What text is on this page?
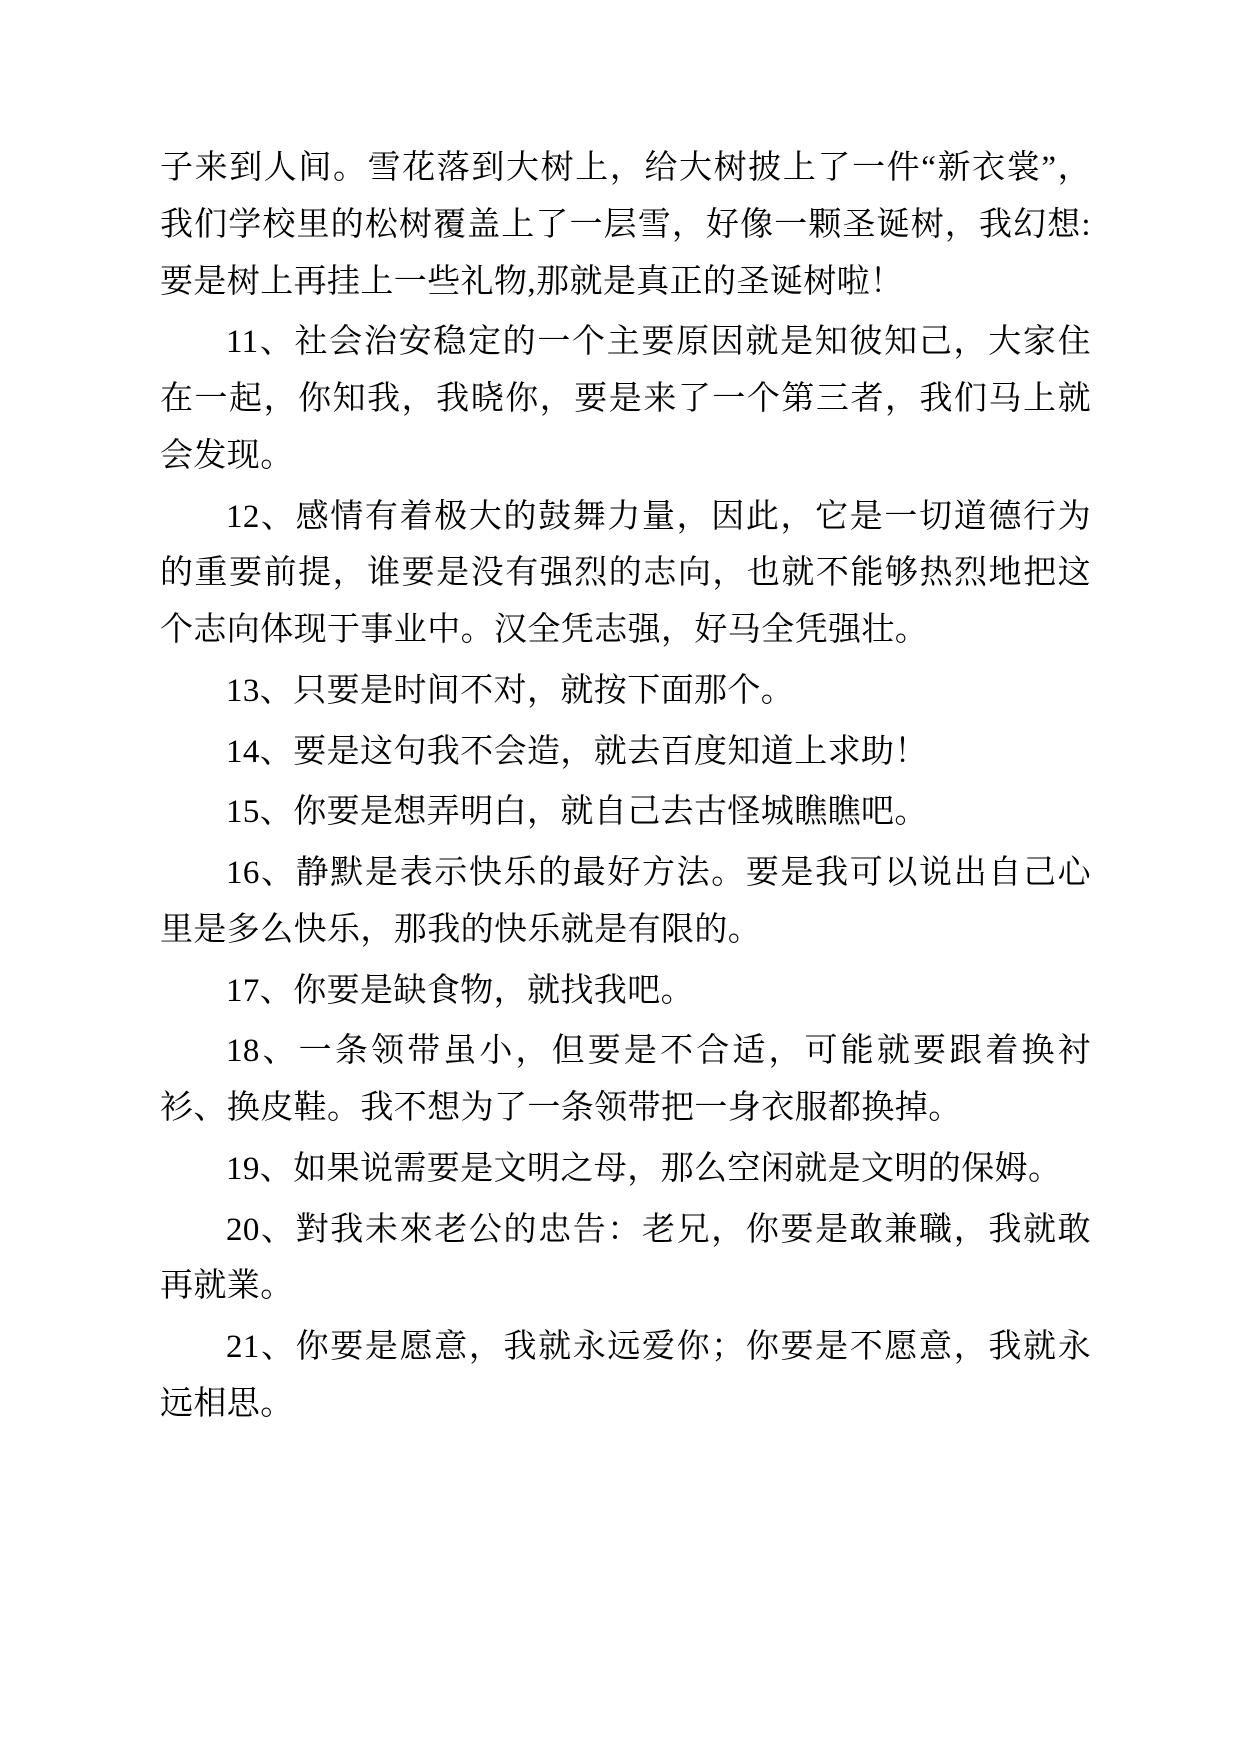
子来到人间。雪花落到大树上，给大树披上了一件“新衣裳”，我们学校里的松树覆盖上了一层雪，好像一颗圣诞树，我幻想:要是树上再挂上一些礼物,那就是真正的圣诞树啦！

11、社会治安稳定的一个主要原因就是知彼知己，大家住在一起，你知我，我晓你，要是来了一个第三者，我们马上就会发现。

12、感情有着极大的鼓舞力量，因此，它是一切道德行为的重要前提，谁要是没有强烈的志向，也就不能够热烈地把这个志向体现于事业中。汉全凭志强，好马全凭强壮。

13、只要是时间不对，就按下面那个。

14、要是这句我不会造，就去百度知道上求助！

15、你要是想弄明白，就自己去古怪城瞧瞧吧。

16、静默是表示快乐的最好方法。要是我可以说出自己心里是多么快乐，那我的快乐就是有限的。

17、你要是缺食物，就找我吧。

18、一条领带虽小，但要是不合适，可能就要跟着换衬衫、换皮鞋。我不想为了一条领带把一身衣服都换掉。

19、如果说需要是文明之母，那么空闲就是文明的保姆。

20、對我未來老公的忠告：老兄，你要是敢兼職，我就敢再就業。

21、你要是愿意，我就永远爱你；你要是不愿意，我就永远相思。
